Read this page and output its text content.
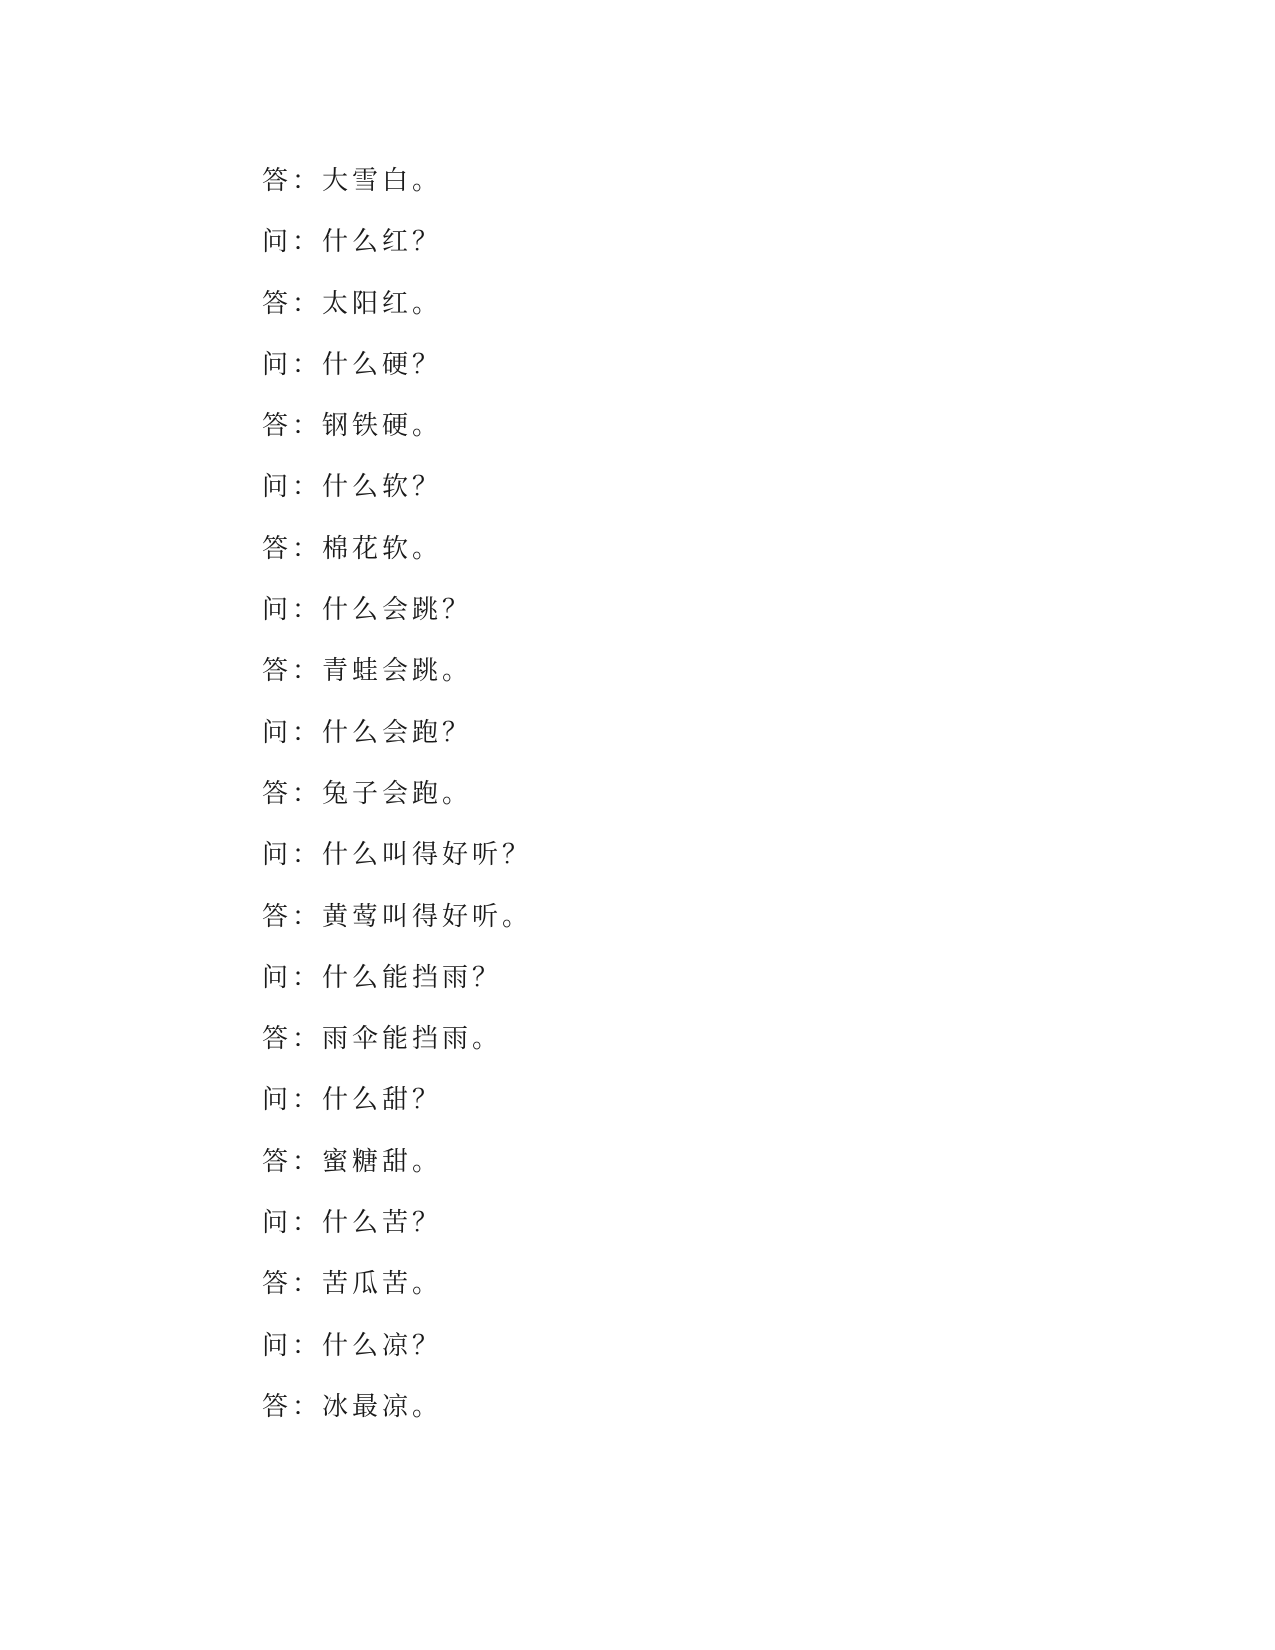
答：大雪白。
问：什么红？
答：太阳红。
问：什么硬？
答：钢铁硬。
问：什么软？
答：棉花软。
问：什么会跳？
答：青蛙会跳。
问：什么会跑？
答：兔子会跑。
问：什么叫得好听？
答：黄莺叫得好听。
问：什么能挡雨？
答：雨伞能挡雨。
问：什么甜？
答：蜜糖甜。
问：什么苦？
答：苦瓜苦。
问：什么凉？
答：冰最凉。
